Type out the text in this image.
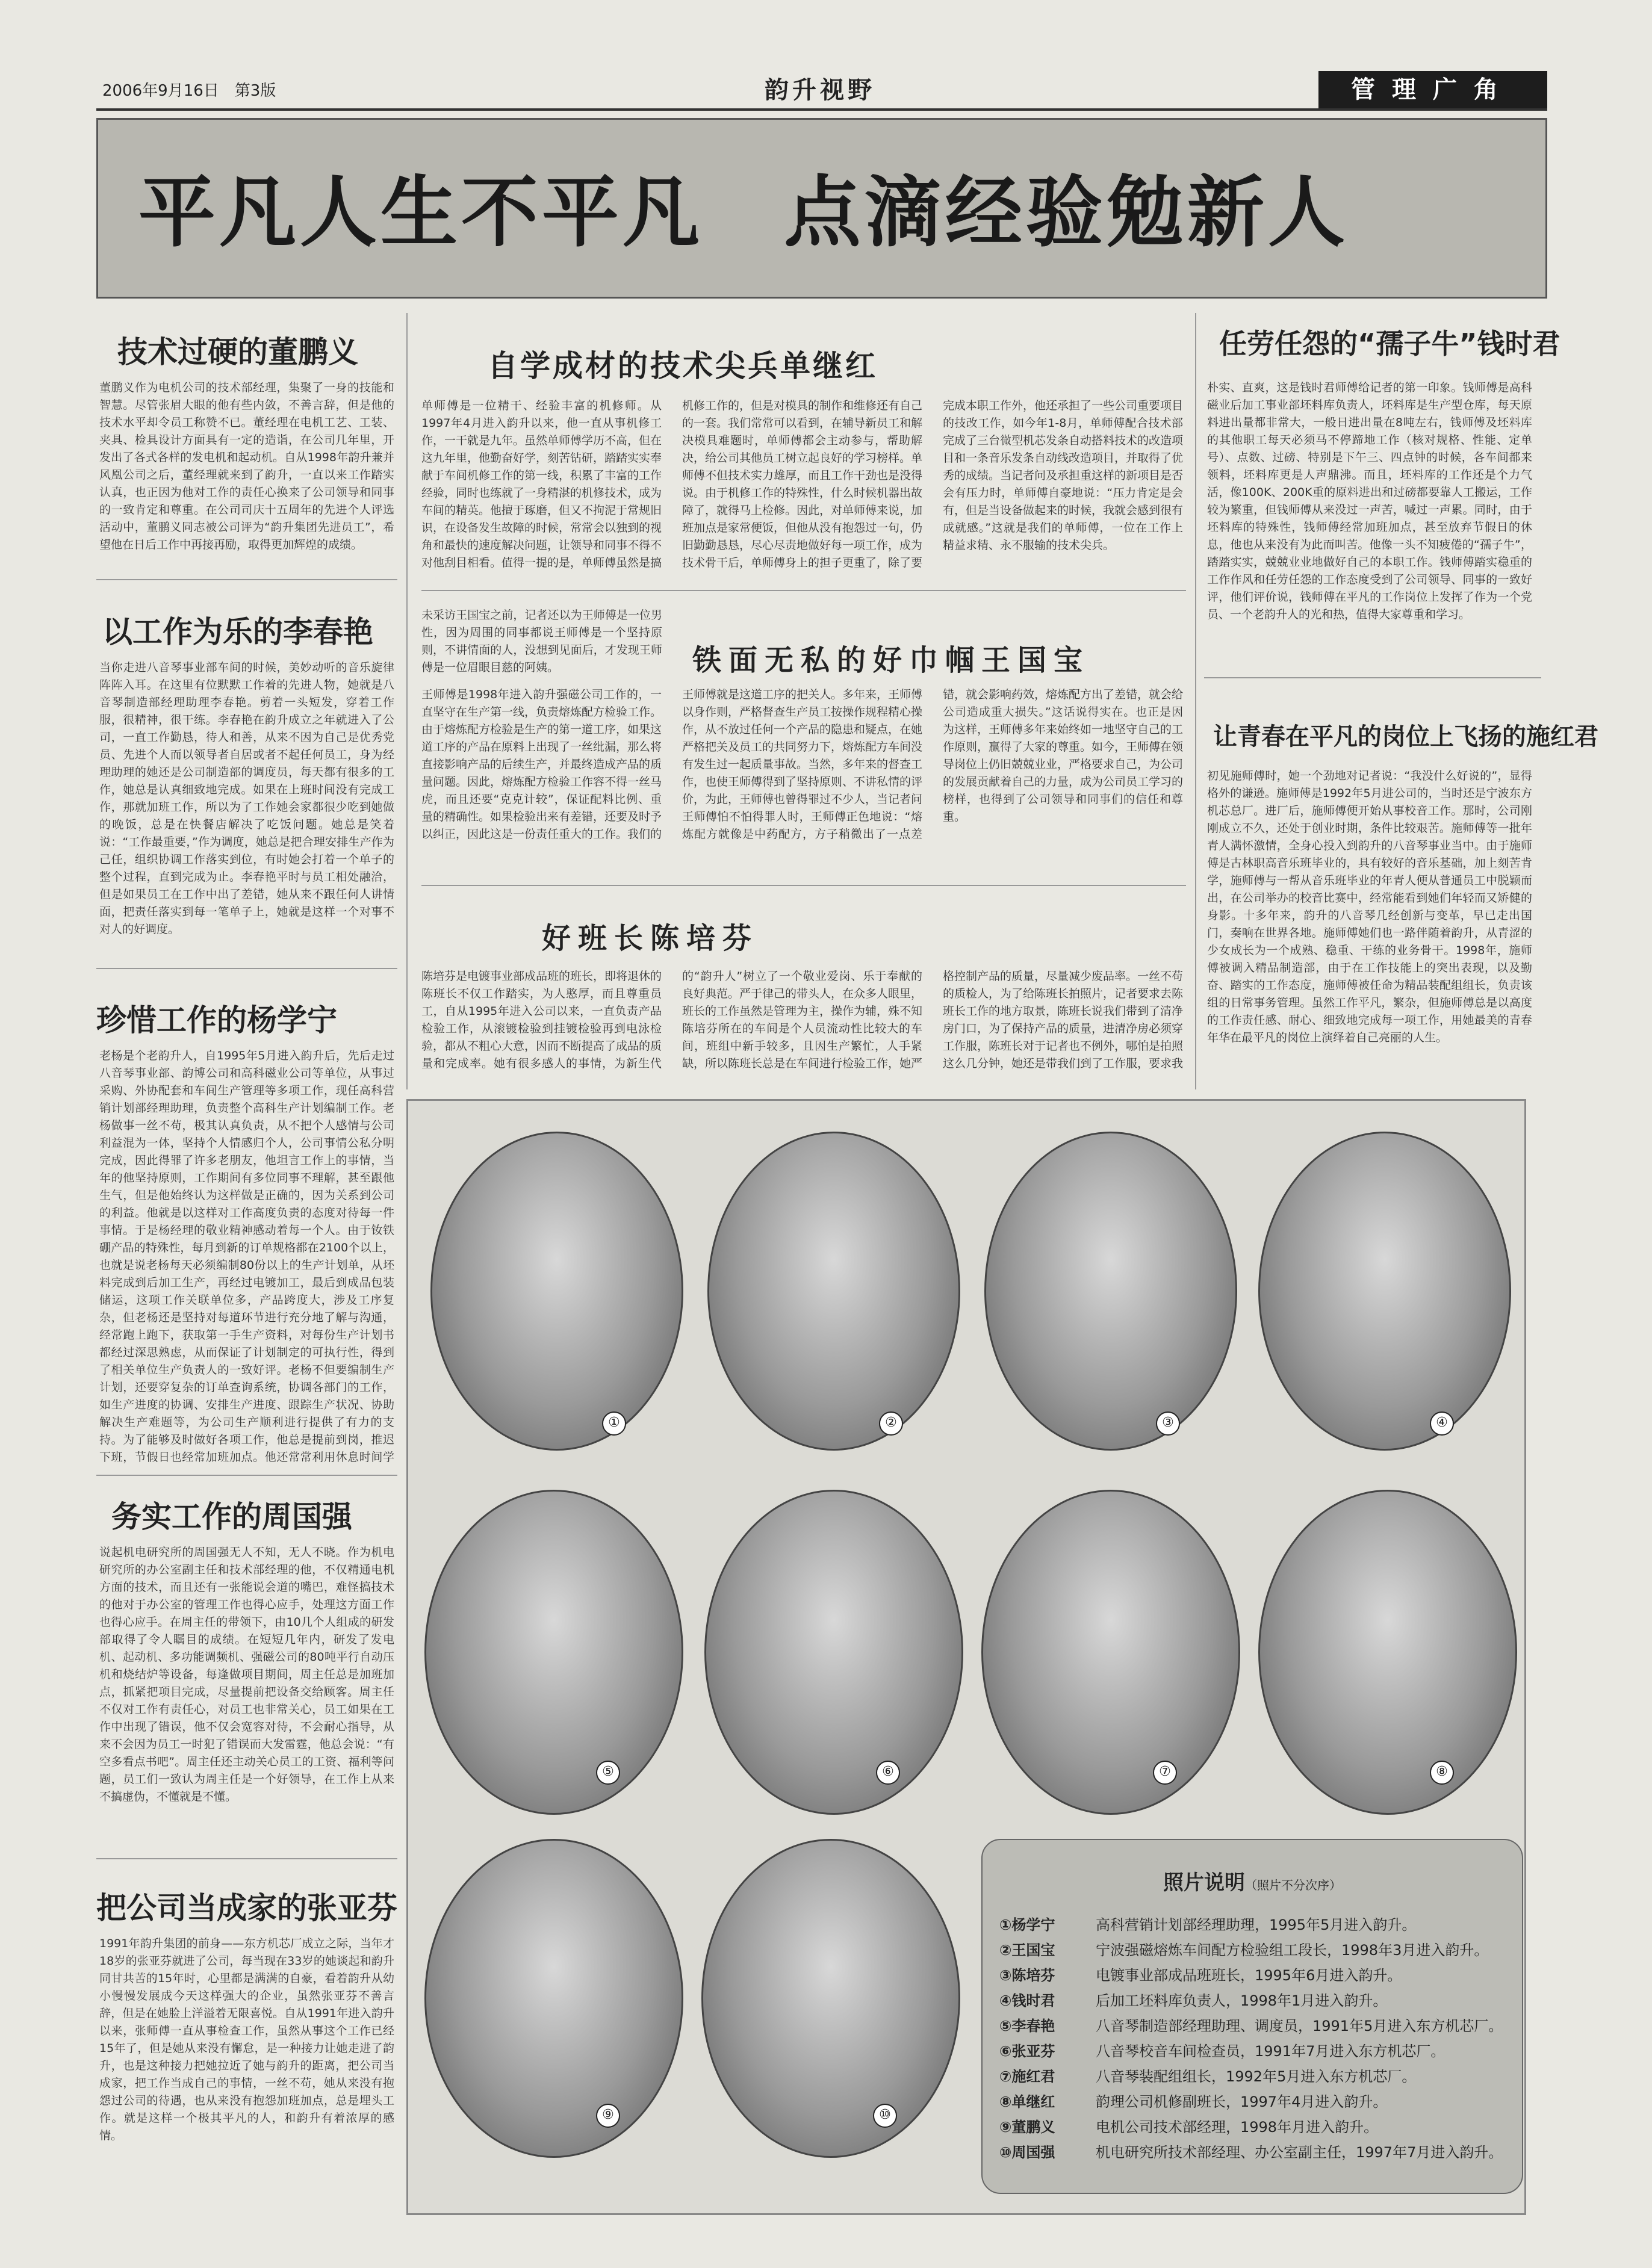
2006年9月16日　第3版	韵升视野	管理广角
平凡人生不平凡　点滴经验勉新人
技术过硬的董鹏义
董鹏义作为电机公司的技术部经理，集聚了一身的技能和智慧。尽管张眉大眼的他有些内敛，不善言辞，但是他的技术水平却令员工称赞不已。董经理在电机工艺、工装、夹具、检具设计方面具有一定的造诣，在公司几年里，开发出了各式各样的发电机和起动机。自从1998年韵升兼并风凰公司之后，董经理就来到了韵升，一直以来工作踏实认真，也正因为他对工作的责任心换来了公司领导和同事的一致肯定和尊重。在公司司庆十五周年的先进个人评选活动中，董鹏义同志被公司评为“韵升集团先进员工”，希望他在日后工作中再接再励，取得更加辉煌的成绩。
以工作为乐的李春艳
当你走进八音琴事业部车间的时候，美妙动听的音乐旋律阵阵入耳。在这里有位默默工作着的先进人物，她就是八音琴制造部经理助理李春艳。剪着一头短发，穿着工作服，很精神，很干练。李春艳在韵升成立之年就进入了公司，一直工作勤恳，待人和善，从来不因为自己是优秀党员、先进个人而以领导者自居或者不起任何员工，身为经理助理的她还是公司制造部的调度员，每天都有很多的工作，她总是认真细致地完成。如果在上班时间没有完成工作，那就加班工作，所以为了工作她会家都很少吃到她做的晚饭，总是在快餐店解决了吃饭问题。她总是笑着说：“工作最重要，”作为调度，她总是把合理安排生产作为己任，组织协调工作落实到位，有时她会打着一个单子的整个过程，直到完成为止。李春艳平时与员工相处融洽，但是如果员工在工作中出了差错，她从来不跟任何人讲情面，把责任落实到每一笔单子上，她就是这样一个对事不对人的好调度。
珍惜工作的杨学宁
老杨是个老韵升人，自1995年5月进入韵升后，先后走过八音琴事业部、韵博公司和高科磁业公司等单位，从事过采购、外协配套和车间生产管理等多项工作，现任高科营销计划部经理助理，负责整个高科生产计划编制工作。老杨做事一丝不苟，极其认真负责，从不把个人感情与公司利益混为一体，坚持个人情感归个人，公司事情公私分明完成，因此得罪了许多老朋友，他坦言工作上的事情，当年的他坚持原则，工作期间有多位同事不理解，甚至跟他生气，但是他始终认为这样做是正确的，因为关系到公司的利益。他就是以这样对工作高度负责的态度对待每一件事情。于是杨经理的敬业精神感动着每一个人。由于钕铁硼产品的特殊性，每月到新的订单规格都在2100个以上，也就是说老杨每天必须编制80份以上的生产计划单，从坯料完成到后加工生产，再经过电镀加工，最后到成品包装储运，这项工作关联单位多，产品跨度大，涉及工序复杂，但老杨还是坚持对每道环节进行充分地了解与沟通，经常跑上跑下，获取第一手生产资料，对每份生产计划书都经过深思熟虑，从而保证了计划制定的可执行性，得到了相关单位生产负责人的一致好评。老杨不但要编制生产计划，还要穿复杂的订单查询系统，协调各部门的工作，如生产进度的协调、安排生产进度、跟踪生产状况、协助解决生产难题等，为公司生产顺利进行提供了有力的支持。为了能够及时做好各项工作，他总是提前到岗，推迟下班，节假日也经常加班加点。他还常常利用休息时间学
务实工作的周国强
说起机电研究所的周国强无人不知，无人不晓。作为机电研究所的办公室副主任和技术部经理的他，不仅精通电机方面的技术，而且还有一张能说会道的嘴巴，难怪搞技术的他对于办公室的管理工作也得心应手，处理这方面工作也得心应手。在周主任的带领下，由10几个人组成的研发部取得了令人瞩目的成绩。在短短几年内，研发了发电机、起动机、多功能调频机、强磁公司的80吨平行自动压机和烧结炉等设备，每逢做项目期间，周主任总是加班加点，抓紧把项目完成，尽量提前把设备交给顾客。周主任不仅对工作有责任心，对员工也非常关心，员工如果在工作中出现了错误，他不仅会宽容对待，不会耐心指导，从来不会因为员工一时犯了错误而大发雷霆，他总会说：“有空多看点书吧”。周主任还主动关心员工的工资、福利等问题，员工们一致认为周主任是一个好领导，在工作上从来不搞虚伪，不懂就是不懂。
把公司当成家的张亚芬
1991年韵升集团的前身——东方机芯厂成立之际，当年才18岁的张亚芬就进了公司，每当现在33岁的她谈起和韵升同甘共苦的15年时，心里都是满满的自豪，看着韵升从幼小慢慢发展成今天这样强大的企业，虽然张亚芬不善言辞，但是在她脸上洋溢着无限喜悦。自从1991年进入韵升以来，张师傅一直从事检查工作，虽然从事这个工作已经15年了，但是她从来没有懈怠，是一种接力让她走进了韵升，也是这种接力把她拉近了她与韵升的距离，把公司当成家，把工作当成自己的事情，一丝不苟，她从来没有抱怨过公司的待遇，也从来没有抱怨加班加点，总是埋头工作。就是这样一个极其平凡的人，和韵升有着浓厚的感情。
自学成材的技术尖兵单继红
单师傅是一位精干、经验丰富的机修师。从1997年4月进入韵升以来，他一直从事机修工作，一干就是九年。虽然单师傅学历不高，但在这九年里，他勤奋好学，刻苦钻研，踏踏实实奉献于车间机修工作的第一线，积累了丰富的工作经验，同时也练就了一身精湛的机修技术，成为车间的精英。他擅于琢磨，但又不拘泥于常规旧识，在设备发生故障的时候，常常会以独到的视角和最快的速度解决问题，让领导和同事不得不对他刮目相看。值得一提的是，单师傅虽然是搞机修工作的，但是对模具的制作和维修还有自己的一套。我们常常可以看到，在辅导新员工和解决模具难题时，单师傅都会主动参与，帮助解决，给公司其他员工树立起良好的学习榜样。单师傅不但技术实力雄厚，而且工作干劲也是没得说。由于机修工作的特殊性，什么时候机器出故障了，就得马上检修。因此，对单师傅来说，加班加点是家常便饭，但他从没有抱怨过一句，仍旧勤勤恳恳，尽心尽责地做好每一项工作，成为技术骨干后，单师傅身上的担子更重了，除了要完成本职工作外，他还承担了一些公司重要项目的技改工作，如今年1-8月，单师傅配合技术部完成了三台微型机芯发条自动搭料技术的改造项目和一条音乐发条自动线改造项目，并取得了优秀的成绩。当记者问及承担重这样的新项目是否会有压力时，单师傅自豪地说：“压力肯定是会有，但是当设备做起来的时候，我就会感到很有成就感。”这就是我们的单师傅，一位在工作上精益求精、永不服输的技术尖兵。
未采访王国宝之前，记者还以为王师傅是一位男性，因为周围的同事都说王师傅是一个坚持原则，不讲情面的人，没想到见面后，才发现王师傅是一位眉眼目慈的阿姨。	铁面无私的好巾帼王国宝
王师傅是1998年进入韵升强磁公司工作的，一直坚守在生产第一线，负责熔炼配方检验工作。由于熔炼配方检验是生产的第一道工序，如果这道工序的产品在原料上出现了一丝纰漏，那么将直接影响产品的后续生产，并最终造成产品的质量问题。因此，熔炼配方检验工作容不得一丝马虎，而且还要“克克计较”，保证配料比例、重量的精确性。如果检验出来有差错，还要及时予以纠正，因此这是一份责任重大的工作。我们的王师傅就是这道工序的把关人。多年来，王师傅以身作则，严格督查生产员工按操作规程精心操作，从不放过任何一个产品的隐患和疑点，在她严格把关及员工的共同努力下，熔炼配方车间没有发生过一起质量事故。当然，多年来的督查工作，也使王师傅得到了坚持原则、不讲私情的评价，为此，王师傅也曾得罪过不少人，当记者问王师傅怕不怕得罪人时，王师傅正色地说：“熔炼配方就像是中药配方，方子稍微出了一点差错，就会影响药效，熔炼配方出了差错，就会给公司造成重大损失。”这话说得实在。也正是因为这样，王师傅多年来始终如一地坚守自己的工作原则，赢得了大家的尊重。如今，王师傅在领导岗位上仍旧兢兢业业，严格要求自己，为公司的发展贡献着自己的力量，成为公司员工学习的榜样，也得到了公司领导和同事们的信任和尊重。
好班长陈培芬
陈培芬是电镀事业部成品班的班长，即将退休的陈班长不仅工作踏实，为人憨厚，而且尊重员工，自从1995年进入公司以来，一直负责产品检验工作，从滚镀检验到挂镀检验再到电泳检验，都从不粗心大意，因而不断提高了成品的质量和完成率。她有很多感人的事情，为新生代的“韵升人”树立了一个敬业爱岗、乐于奉献的良好典范。严于律己的带头人，在众多人眼里，班长的工作虽然是管理为主，操作为辅，殊不知陈培芬所在的车间是个人员流动性比较大的车间，班组中新手较多，且因生产繁忙，人手紧缺，所以陈班长总是在车间进行检验工作，她严格控制产品的质量，尽量减少废品率。一丝不苟的质检人，为了给陈班长拍照片，记者要求去陈班长工作的地方取景，陈班长说我们带到了清净房门口，为了保持产品的质量，进清净房必须穿工作服，陈班长对于记者也不例外，哪怕是拍照这么几分钟，她还是带我们到了工作服，要求我
任劳任怨的“孺子牛”钱时君
朴实、直爽，这是钱时君师傅给记者的第一印象。钱师傅是高科磁业后加工事业部坯料库负责人，坯料库是生产型仓库，每天原料进出量都非常大，一般日进出量在8吨左右，钱师傅及坯料库的其他职工每天必须马不停蹄地工作（核对规格、性能、定单号）、点数、过磅、特别是下午三、四点钟的时候，各车间都来领料，坯料库更是人声鼎沸。而且，坯料库的工作还是个力气活，像100K、200K重的原料进出和过磅都要靠人工搬运，工作较为繁重，但钱师傅从来没过一声苦，喊过一声累。同时，由于坯料库的特殊性，钱师傅经常加班加点，甚至放弃节假日的休息，他也从来没有为此而叫苦。他像一头不知疲倦的“孺子牛”，踏踏实实，兢兢业业地做好自己的本职工作。钱师傅踏实稳重的工作作风和任劳任怨的工作态度受到了公司领导、同事的一致好评，他们评价说，钱师傅在平凡的工作岗位上发挥了作为一个党员、一个老韵升人的光和热，值得大家尊重和学习。
让青春在平凡的岗位上飞扬的施红君
初见施师傅时，她一个劲地对记者说：“我没什么好说的”，显得格外的谦逊。施师傅是1992年5月进公司的，当时还是宁波东方机芯总厂。进厂后，施师傅便开始从事校音工作。那时，公司刚刚成立不久，还处于创业时期，条件比较艰苦。施师傅等一批年青人满怀激情，全身心投入到韵升的八音琴事业当中。由于施师傅是古林职高音乐班毕业的，具有较好的音乐基础，加上刻苦肯学，施师傅与一帮从音乐班毕业的年青人便从普通员工中脱颖而出，在公司举办的校音比赛中，经常能看到她们年轻而又矫健的身影。十多年来，韵升的八音琴几经创新与变革，早已走出国门，奏响在世界各地。施师傅她们也一路伴随着韵升，从青涩的少女成长为一个成熟、稳重、干练的业务骨干。1998年，施师傅被调入精品制造部，由于在工作技能上的突出表现，以及勤奋、踏实的工作态度，施师傅被任命为精品装配组组长，负责该组的日常事务管理。虽然工作平凡，繁杂，但施师傅总是以高度的工作责任感、耐心、细致地完成每一项工作，用她最美的青春年华在最平凡的岗位上演绎着自己亮丽的人生。
①	②	③	④
⑤	⑥	⑦	⑧
⑨	⑩
照片说明（照片不分次序）
①杨学宁	高科营销计划部经理助理，1995年5月进入韵升。
②王国宝	宁波强磁熔炼车间配方检验组工段长，1998年3月进入韵升。
③陈培芬	电镀事业部成品班班长，1995年6月进入韵升。
④钱时君	后加工坯料库负责人，1998年1月进入韵升。
⑤李春艳	八音琴制造部经理助理、调度员，1991年5月进入东方机芯厂。
⑥张亚芬	八音琴校音车间检查员，1991年7月进入东方机芯厂。
⑦施红君	八音琴装配组组长，1992年5月进入东方机芯厂。
⑧单继红	韵理公司机修副班长，1997年4月进入韵升。
⑨董鹏义	电机公司技术部经理，1998年月进入韵升。
⑩周国强	机电研究所技术部经理、办公室副主任，1997年7月进入韵升。
